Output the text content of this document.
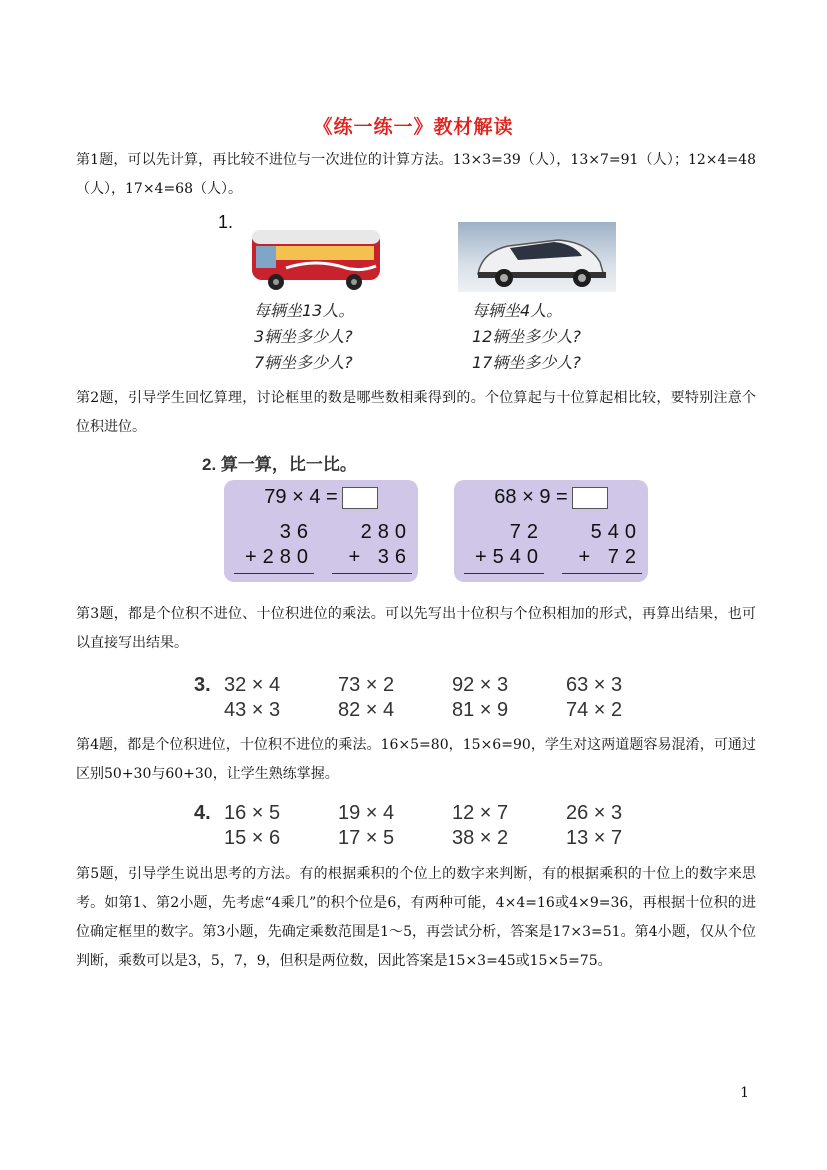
《练一练一》教材解读
第1题，可以先计算，再比较不进位与一次进位的计算方法。13×3=39（人），13×7=91（人）；12×4=48（人），17×4=68（人）。
1.
每辆坐13人。
3辆坐多少人?
7辆坐多少人?
每辆坐4人。
12辆坐多少人?
17辆坐多少人?
第2题，引导学生回忆算理，讨论框里的数是哪些数相乘得到的。个位算起与十位算起相比较，要特别注意个位积进位。
2. 算一算，比一比。
79 × 4 =
36
+280
280
+ 36
68 × 9 =
72
+540
540
+ 72
第3题，都是个位积不进位、十位积进位的乘法。可以先写出十位积与个位积相加的形式，再算出结果，也可以直接写出结果。
3. 32 × 4	73 × 2	92 × 3	63 × 3
43 × 3	82 × 4	81 × 9	74 × 2
第4题，都是个位积进位，十位积不进位的乘法。16×5=80，15×6=90，学生对这两道题容易混淆，可通过区别50+30与60+30，让学生熟练掌握。
4. 16 × 5	19 × 4	12 × 7	26 × 3
15 × 6	17 × 5	38 × 2	13 × 7
第5题，引导学生说出思考的方法。有的根据乘积的个位上的数字来判断，有的根据乘积的十位上的数字来思考。如第1、第2小题，先考虑“4乘几”的积个位是6，有两种可能，4×4=16或4×9=36，再根据十位积的进位确定框里的数字。第3小题，先确定乘数范围是1～5，再尝试分析，答案是17×3=51。第4小题，仅从个位判断，乘数可以是3，5，7，9，但积是两位数，因此答案是15×3=45或15×5=75。
1
